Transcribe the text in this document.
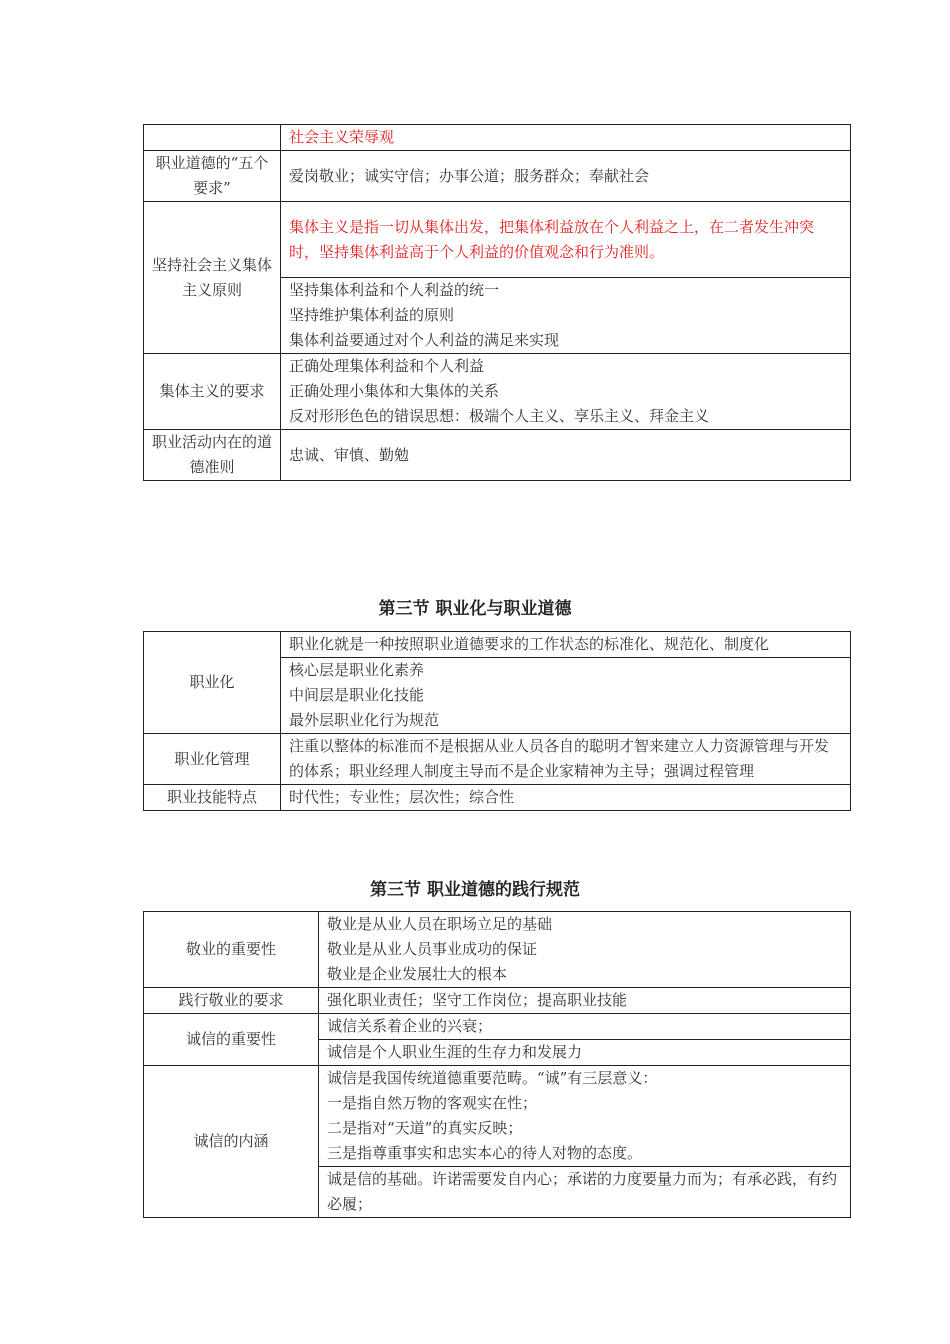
	社会主义荣辱观
职业道德的“五个要求”	爱岗敬业；诚实守信；办事公道；服务群众；奉献社会
坚持社会主义集体主义原则	集体主义是指一切从集体出发，把集体利益放在个人利益之上，在二者发生冲突时，坚持集体利益高于个人利益的价值观念和行为准则。

	坚持集体利益和个人利益的统一

坚持维护集体利益的原则

集体利益要通过对个人利益的满足来实现

集体主义的要求	正确处理集体利益和个人利益

正确处理小集体和大集体的关系

反对形形色色的错误思想：极端个人主义、享乐主义、拜金主义

职业活动内在的道德准则	忠诚、审慎、勤勉
第三节 职业化与职业道德
职业化	职业化就是一种按照职业道德要求的工作状态的标准化、规范化、制度化

	核心层是职业化素养

中间层是职业化技能

最外层职业化行为规范

职业化管理	注重以整体的标准而不是根据从业人员各自的聪明才智来建立人力资源管理与开发的体系；职业经理人制度主导而不是企业家精神为主导；强调过程管理
职业技能特点	时代性；专业性；层次性；综合性
第三节 职业道德的践行规范
敬业的重要性	敬业是从业人员在职场立足的基础

敬业是从业人员事业成功的保证

敬业是企业发展壮大的根本

践行敬业的要求	强化职业责任；坚守工作岗位；提高职业技能
诚信的重要性	诚信关系着企业的兴衰；
	诚信是个人职业生涯的生存力和发展力
诚信的内涵	诚信是我国传统道德重要范畴。“诚”有三层意义：

一是指自然万物的客观实在性；

二是指对“天道”的真实反映；

三是指尊重事实和忠实本心的待人对物的态度。

	诚是信的基础。许诺需要发自内心；承诺的力度要量力而为；有承必践，有约必履；
